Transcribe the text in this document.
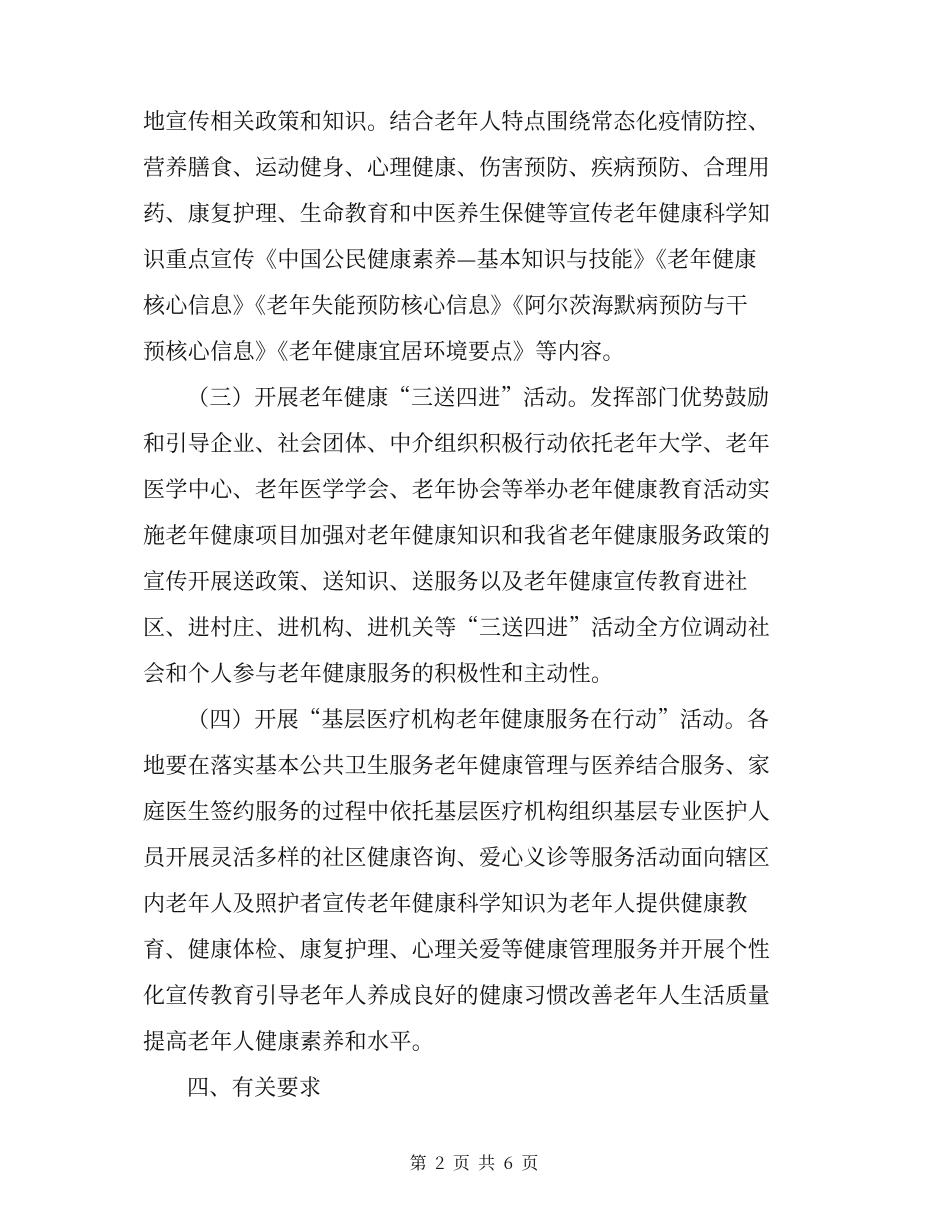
地宣传相关政策和知识。结合老年人特点围绕常态化疫情防控、
营养膳食、运动健身、心理健康、伤害预防、疾病预防、合理用
药、康复护理、生命教育和中医养生保健等宣传老年健康科学知
识重点宣传《中国公民健康素养—基本知识与技能》《老年健康
核心信息》《老年失能预防核心信息》《阿尔茨海默病预防与干
预核心信息》《老年健康宜居环境要点》等内容。
（三）开展老年健康“三送四进”活动。发挥部门优势鼓励
和引导企业、社会团体、中介组织积极行动依托老年大学、老年
医学中心、老年医学学会、老年协会等举办老年健康教育活动实
施老年健康项目加强对老年健康知识和我省老年健康服务政策的
宣传开展送政策、送知识、送服务以及老年健康宣传教育进社
区、进村庄、进机构、进机关等“三送四进”活动全方位调动社
会和个人参与老年健康服务的积极性和主动性。
（四）开展“基层医疗机构老年健康服务在行动”活动。各
地要在落实基本公共卫生服务老年健康管理与医养结合服务、家
庭医生签约服务的过程中依托基层医疗机构组织基层专业医护人
员开展灵活多样的社区健康咨询、爱心义诊等服务活动面向辖区
内老年人及照护者宣传老年健康科学知识为老年人提供健康教
育、健康体检、康复护理、心理关爱等健康管理服务并开展个性
化宣传教育引导老年人养成良好的健康习惯改善老年人生活质量
提高老年人健康素养和水平。
四、有关要求
第 2 页 共 6 页
